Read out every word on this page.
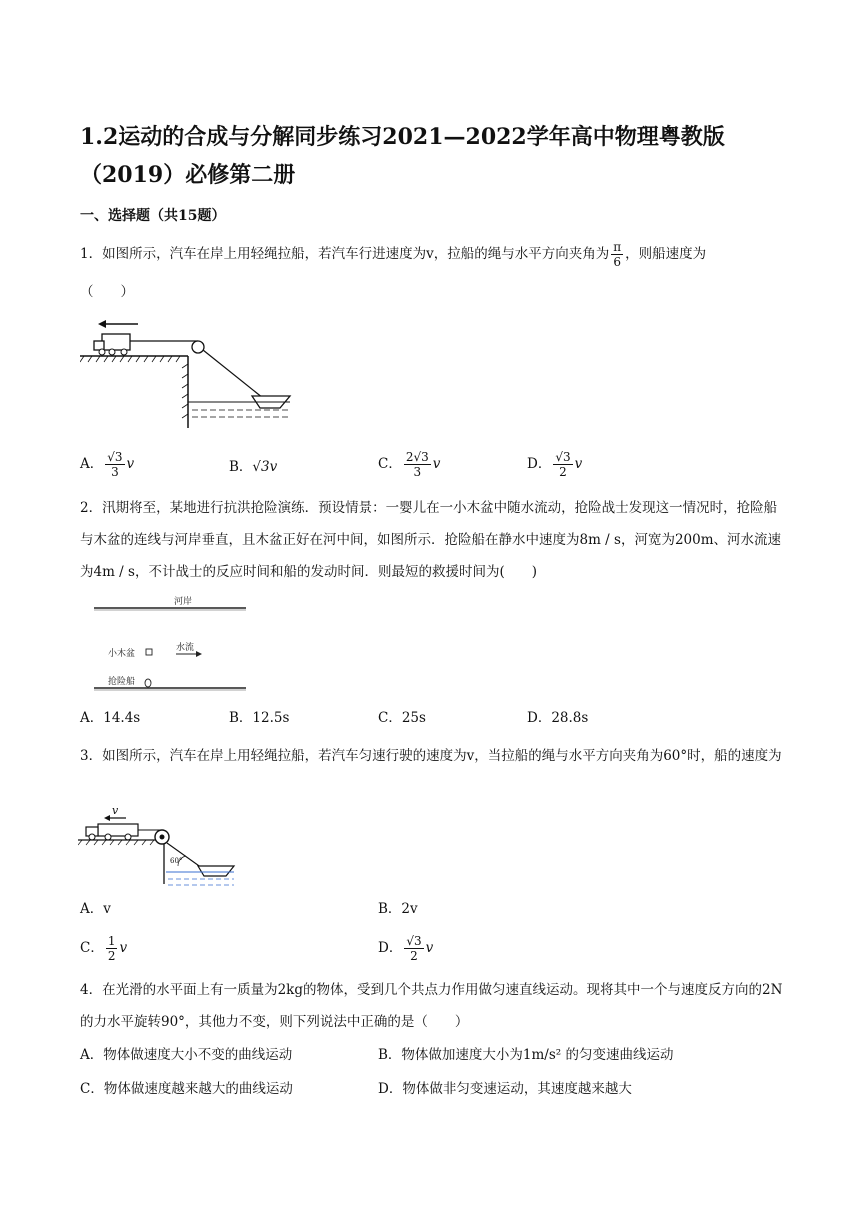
1.2运动的合成与分解同步练习2021—2022学年高中物理粤教版（2019）必修第二册
一、选择题（共15题）
1．如图所示，汽车在岸上用轻绳拉船，若汽车行进速度为v，拉船的绳与水平方向夹角为 $\frac{\pi}{6}$ ，则船速度为
（　　）
A． $\frac{√3}{3}$ v	B．√3v	C． $\frac{2√3}{3}$ v	D． $\frac{√3}{2}$ v
2．汛期将至，某地进行抗洪抢险演练．预设情景：一婴儿在一小木盆中随水流动，抢险战士发现这一情况时，抢险船与木盆的连线与河岸垂直，且木盆正好在河中间，如图所示．抢险船在静水中速度为8m / s，河宽为200m、河水流速为4m / s，不计战士的反应时间和船的发动时间．则最短的救援时间为(　　)
河岸
小木盆
水流
抢险船
A．14.4s	B．12.5s	C．25s	D．28.8s
3．如图所示，汽车在岸上用轻绳拉船，若汽车匀速行驶的速度为v，当拉船的绳与水平方向夹角为60°时，船的速度为
v
60°
A．v	B．2v
C． $\frac{1}{2}$ v	D． $\frac{√3}{2}$ v
4．在光滑的水平面上有一质量为2kg的物体，受到几个共点力作用做匀速直线运动。现将其中一个与速度反方向的2N的力水平旋转90°，其他力不变，则下列说法中正确的是（　　）
A．物体做速度大小不变的曲线运动	B．物体做加速度大小为1m/s² 的匀变速曲线运动
C．物体做速度越来越大的曲线运动	D．物体做非匀变速运动，其速度越来越大
